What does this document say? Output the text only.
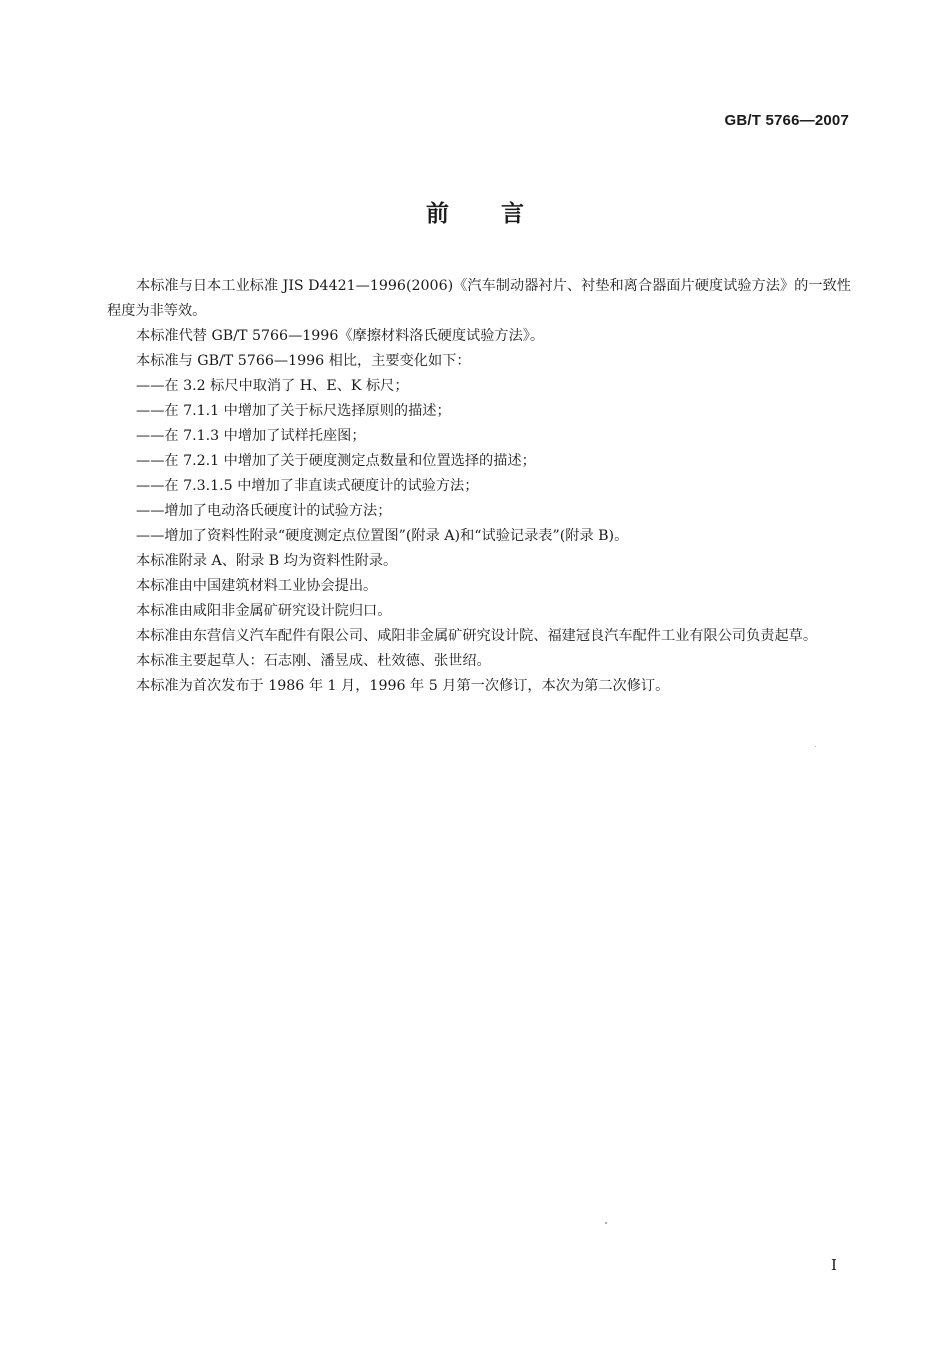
GB/T 5766—2007
前言

本标准与日本工业标准 JIS D4421—1996(2006)《汽车制动器衬片、衬垫和离合器面片硬度试验方法》的一致性程度为非等效。

本标准代替 GB/T 5766—1996《摩擦材料洛氏硬度试验方法》。

本标准与 GB/T 5766—1996 相比，主要变化如下：

——在 3.2 标尺中取消了 H、E、K 标尺；

——在 7.1.1 中增加了关于标尺选择原则的描述；

——在 7.1.3 中增加了试样托座图；

——在 7.2.1 中增加了关于硬度测定点数量和位置选择的描述；

——在 7.3.1.5 中增加了非直读式硬度计的试验方法；

——增加了电动洛氏硬度计的试验方法；

——增加了资料性附录“硬度测定点位置图”(附录 A)和“试验记录表”(附录 B)。

本标准附录 A、附录 B 均为资料性附录。

本标准由中国建筑材料工业协会提出。

本标准由咸阳非金属矿研究设计院归口。

本标准由东营信义汽车配件有限公司、咸阳非金属矿研究设计院、福建冠良汽车配件工业有限公司负责起草。

本标准主要起草人：石志刚、潘昱成、杜效德、张世绍。

本标准为首次发布于 1986 年 1 月，1996 年 5 月第一次修订，本次为第二次修订。

I
